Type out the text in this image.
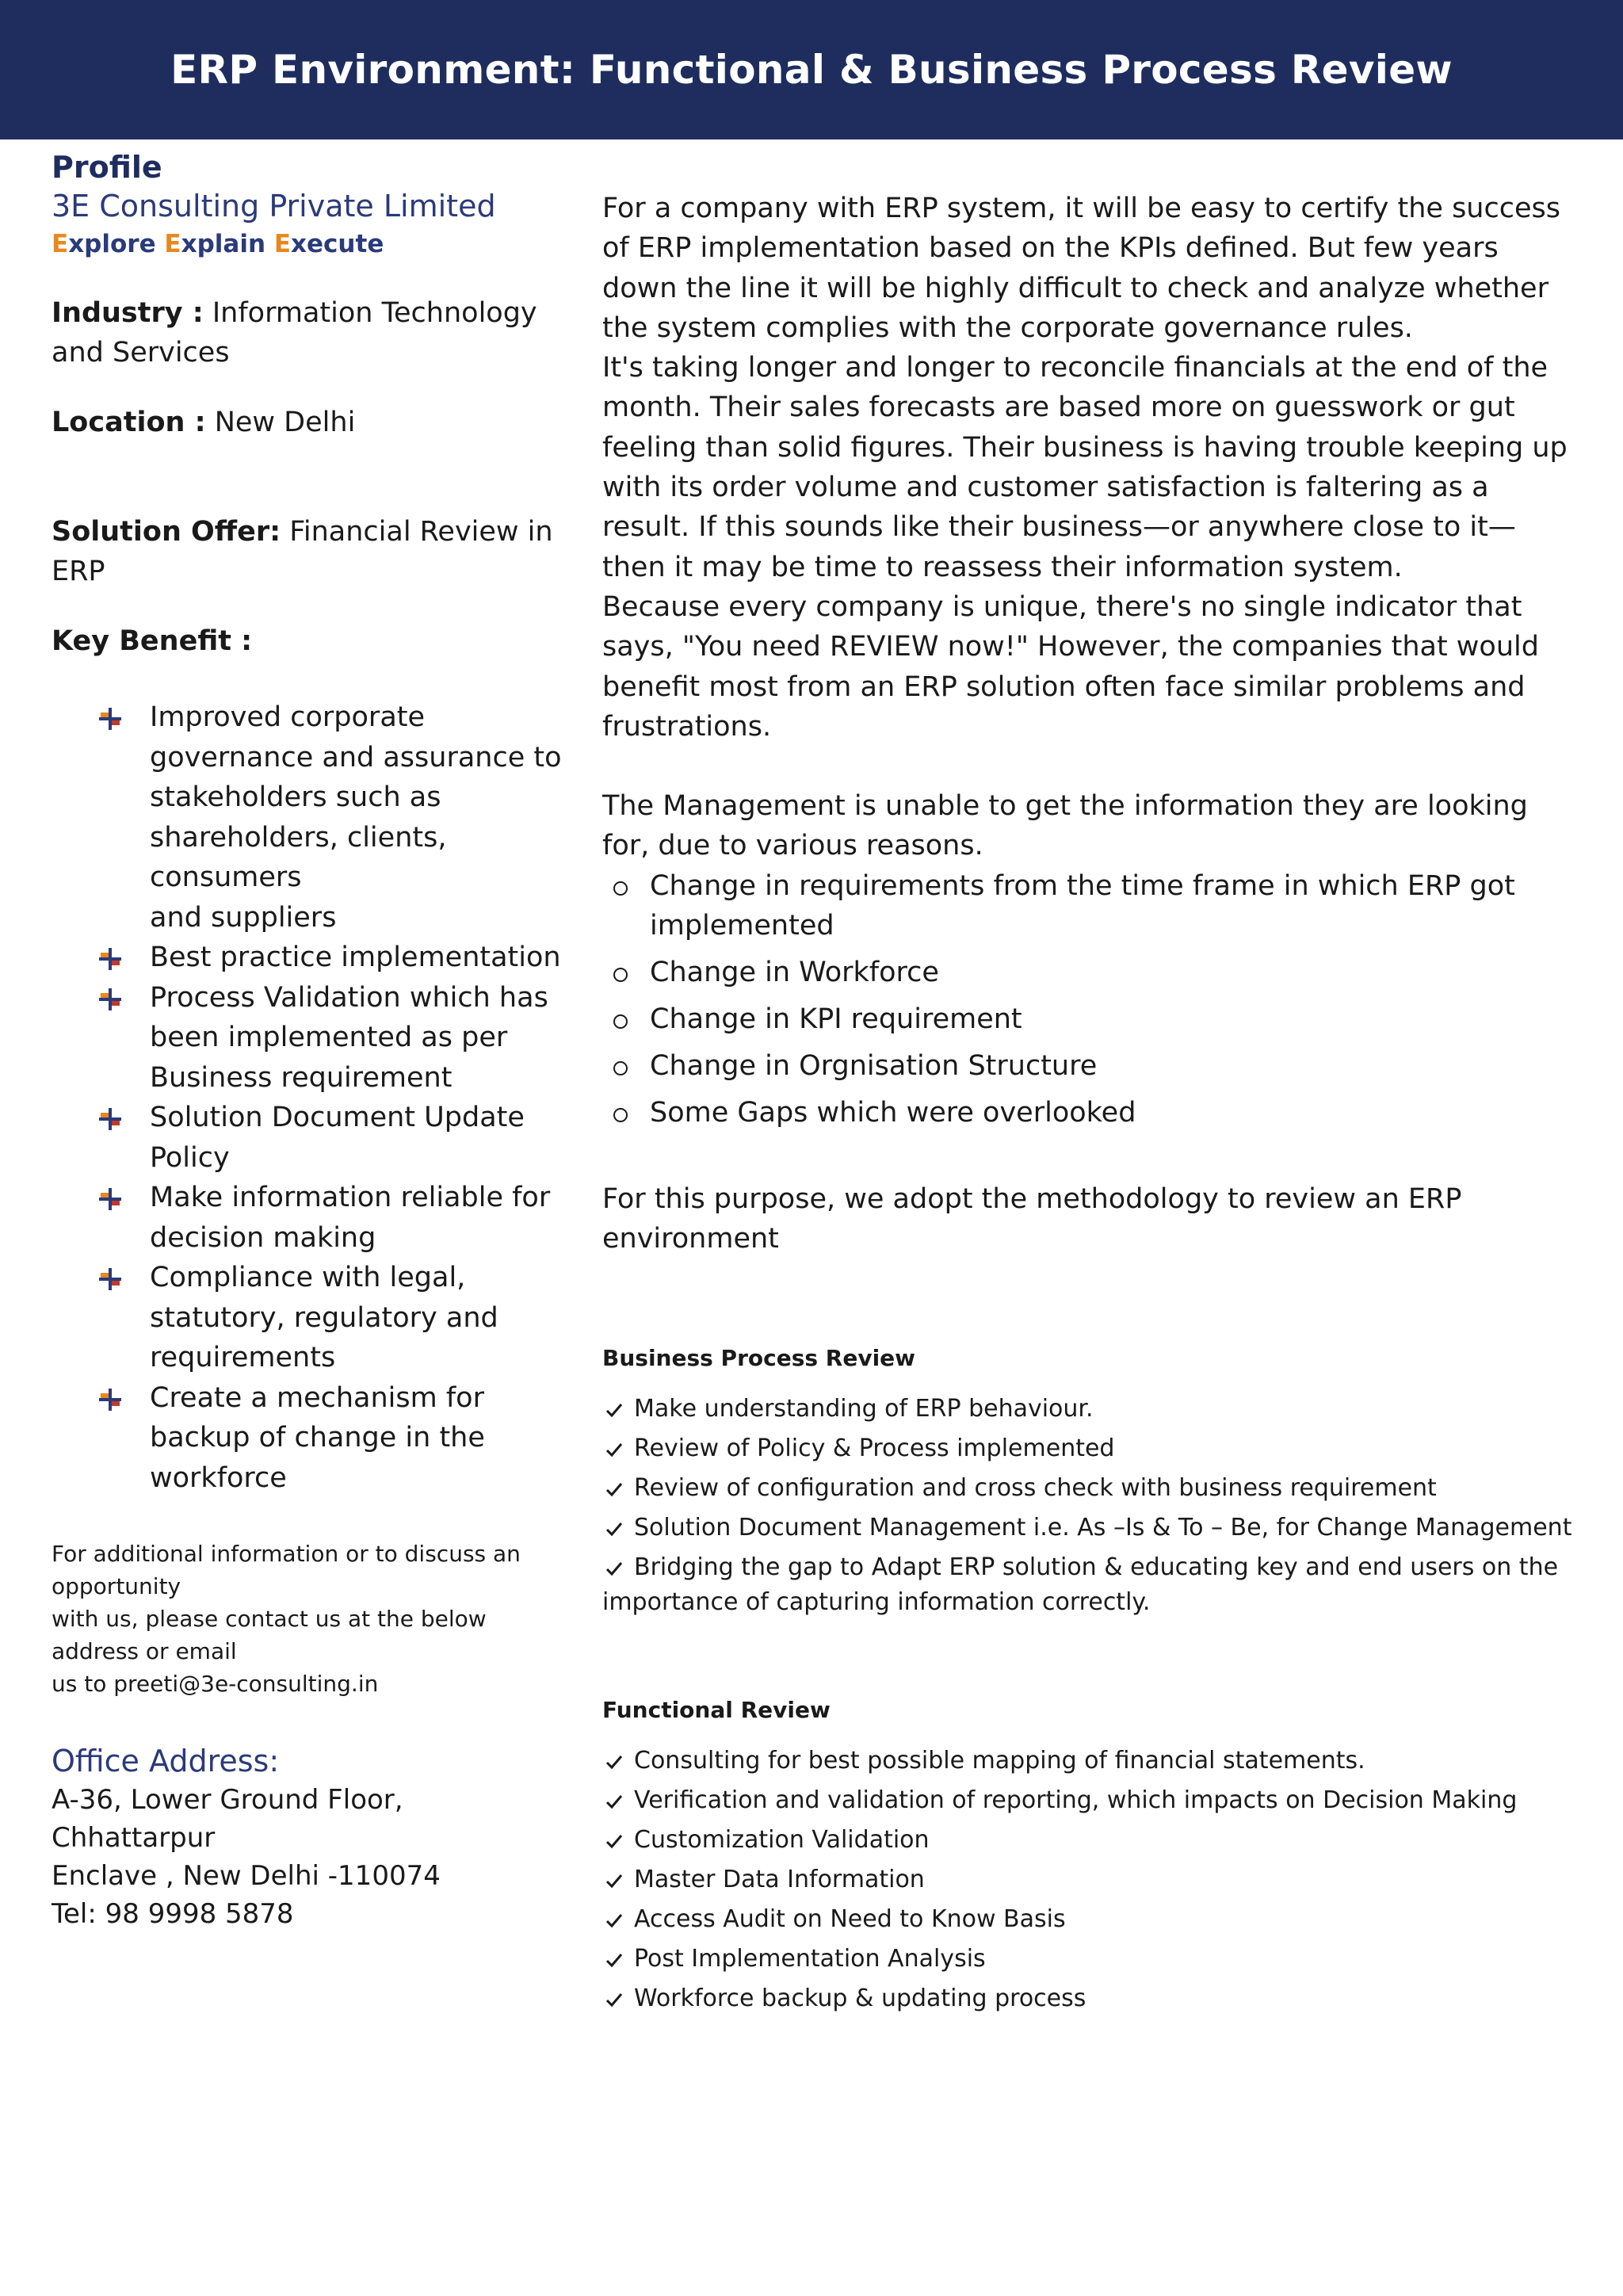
ERP Environment: Functional & Business Process Review
Profile
3E Consulting Private Limited
Explore Explain Execute
Industry : Information Technology and Services
Location : New Delhi
Solution Offer: Financial Review in ERP
Key Benefit :
Improved corporate governance and assurance to stakeholders such as shareholders, clients, consumers
and suppliers
Best practice implementation
Process Validation which has been implemented as per Business requirement
Solution Document Update Policy
Make information reliable for decision making
Compliance with legal, statutory, regulatory and requirements
Create a mechanism for backup of change in the workforce
For additional information or to discuss an opportunity
with us, please contact us at the below address or email
us to preeti@3e-consulting.in
Office Address:
A-36, Lower Ground Floor, Chhattarpur
Enclave , New Delhi -110074
Tel: 98 9998 5878
For a company with ERP system, it will be easy to certify the success of ERP implementation based on the KPIs defined. But few years down the line it will be highly difficult to check and analyze whether the system complies with the corporate governance rules.
It's taking longer and longer to reconcile financials at the end of the month. Their sales forecasts are based more on guesswork or gut feeling than solid figures. Their business is having trouble keeping up with its order volume and customer satisfaction is faltering as a result. If this sounds like their business—or anywhere close to it—then it may be time to reassess their information system.
Because every company is unique, there's no single indicator that says, "You need REVIEW now!" However, the companies that would benefit most from an ERP solution often face similar problems and frustrations.
The Management is unable to get the information they are looking for, due to various reasons.
Change in requirements from the time frame in which ERP got implemented
Change in Workforce
Change in KPI requirement
Change in Orgnisation Structure
Some Gaps which were overlooked
For this purpose, we adopt the methodology to review an ERP environment
Business Process Review
Make understanding of ERP behaviour.
Review of Policy & Process implemented
Review of configuration and cross check with business requirement
Solution Document Management i.e. As –Is & To – Be, for Change Management
Bridging the gap to Adapt ERP solution & educating key and end users on the
importance of capturing information correctly.
Functional Review
Consulting for best possible mapping of financial statements.
Verification and validation of reporting, which impacts on Decision Making
Customization Validation
Master Data Information
Access Audit on Need to Know Basis
Post Implementation Analysis
Workforce backup & updating process
